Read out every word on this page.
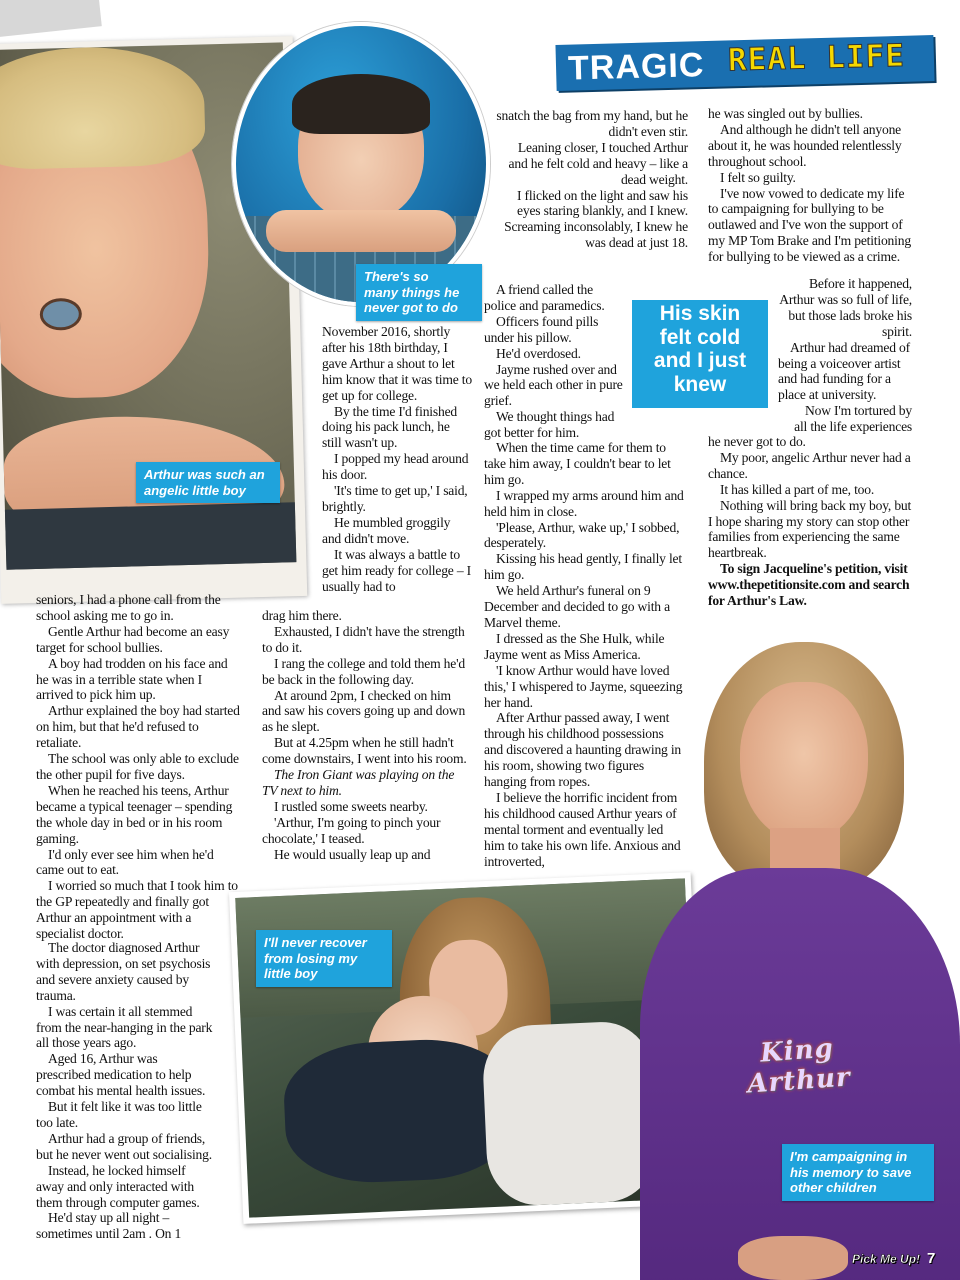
TRAGIC REAL LIFE
Arthur was such an
angelic little boy
There's so
many things he
never got to do

seniors, I had a phone call from the school asking me to go in.

Gentle Arthur had become an easy target for school bullies.

A boy had trodden on his face and he was in a terrible state when I arrived to pick him up.

Arthur explained the boy had started on him, but that he'd refused to retaliate.

The school was only able to exclude the other pupil for five days.

When he reached his teens, Arthur became a typical teenager – spending the whole day in bed or in his room gaming.

I'd only ever see him when he'd came out to eat.

I worried so much that I took him to the GP repeatedly and finally got Arthur an appointment with a specialist doctor.

The doctor diagnosed Arthur with depression, on set psychosis and severe anxiety caused by trauma.

I was certain it all stemmed from the near-hanging in the park all those years ago.

Aged 16, Arthur was prescribed medication to help combat his mental health issues.

But it felt like it was too little too late.

Arthur had a group of friends, but he never went out socialising.

Instead, he locked himself away and only interacted with them through computer games.

He'd stay up all night – sometimes until 2am . On 1

November 2016, shortly after his 18th birthday, I gave Arthur a shout to let him know that it was time to get up for college.

By the time I'd finished doing his pack lunch, he still wasn't up.

I popped my head around his door.

'It's time to get up,' I said, brightly.

He mumbled groggily and didn't move.

It was always a battle to get him ready for college – I usually had to

drag him there.

Exhausted, I didn't have the strength to do it.

I rang the college and told them he'd be back in the following day.

At around 2pm, I checked on him and saw his covers going up and down as he slept.

But at 4.25pm when he still hadn't come downstairs, I went into his room.

The Iron Giant was playing on the TV next to him.

I rustled some sweets nearby.

'Arthur, I'm going to pinch your chocolate,' I teased.

He would usually leap up and

snatch the bag from my hand, but he didn't even stir.

Leaning closer, I touched Arthur and he felt cold and heavy – like a dead weight.

I flicked on the light and saw his eyes staring blankly, and I knew.

Screaming inconsolably, I knew he was dead at just 18.

A friend called the police and paramedics.

Officers found pills under his pillow.

He'd overdosed.

Jayme rushed over and we held each other in pure grief.

We thought things had got better for him.

When the time came for them to take him away, I couldn't bear to let him go.

I wrapped my arms around him and held him in close.

'Please, Arthur, wake up,' I sobbed, desperately.

Kissing his head gently, I finally let him go.

We held Arthur's funeral on 9 December and decided to go with a Marvel theme.

I dressed as the She Hulk, while Jayme went as Miss America.

'I know Arthur would have loved this,' I whispered to Jayme, squeezing her hand.

After Arthur passed away, I went through his childhood possessions and discovered a haunting drawing in his room, showing two figures hanging from ropes.

I believe the horrific incident from his childhood caused Arthur years of mental torment and eventually led him to take his own life. Anxious and introverted,

His skin
felt cold
and I just
knew

he was singled out by bullies.

And although he didn't tell anyone about it, he was hounded relentlessly throughout school.

I felt so guilty.

I've now vowed to dedicate my life to campaigning for bullying to be outlawed and I've won the support of my MP Tom Brake and I'm petitioning for bullying to be viewed as a crime.

Before it happened, Arthur was so full of life, but those lads broke his spirit.

Arthur had dreamed of being a voiceover artist and had funding for a place at university.

Now I'm tortured by all the life experiences

he never got to do.

My poor, angelic Arthur never had a chance.

It has killed a part of me, too.

Nothing will bring back my boy, but I hope sharing my story can stop other families from experiencing the same heartbreak.

To sign Jacqueline's petition, visit www.thepetitionsite.com and search for Arthur's Law.

I'll never recover
from losing my
little boy
King Arthur
I'm campaigning in
his memory to save
other children
Pick Me Up! 7
